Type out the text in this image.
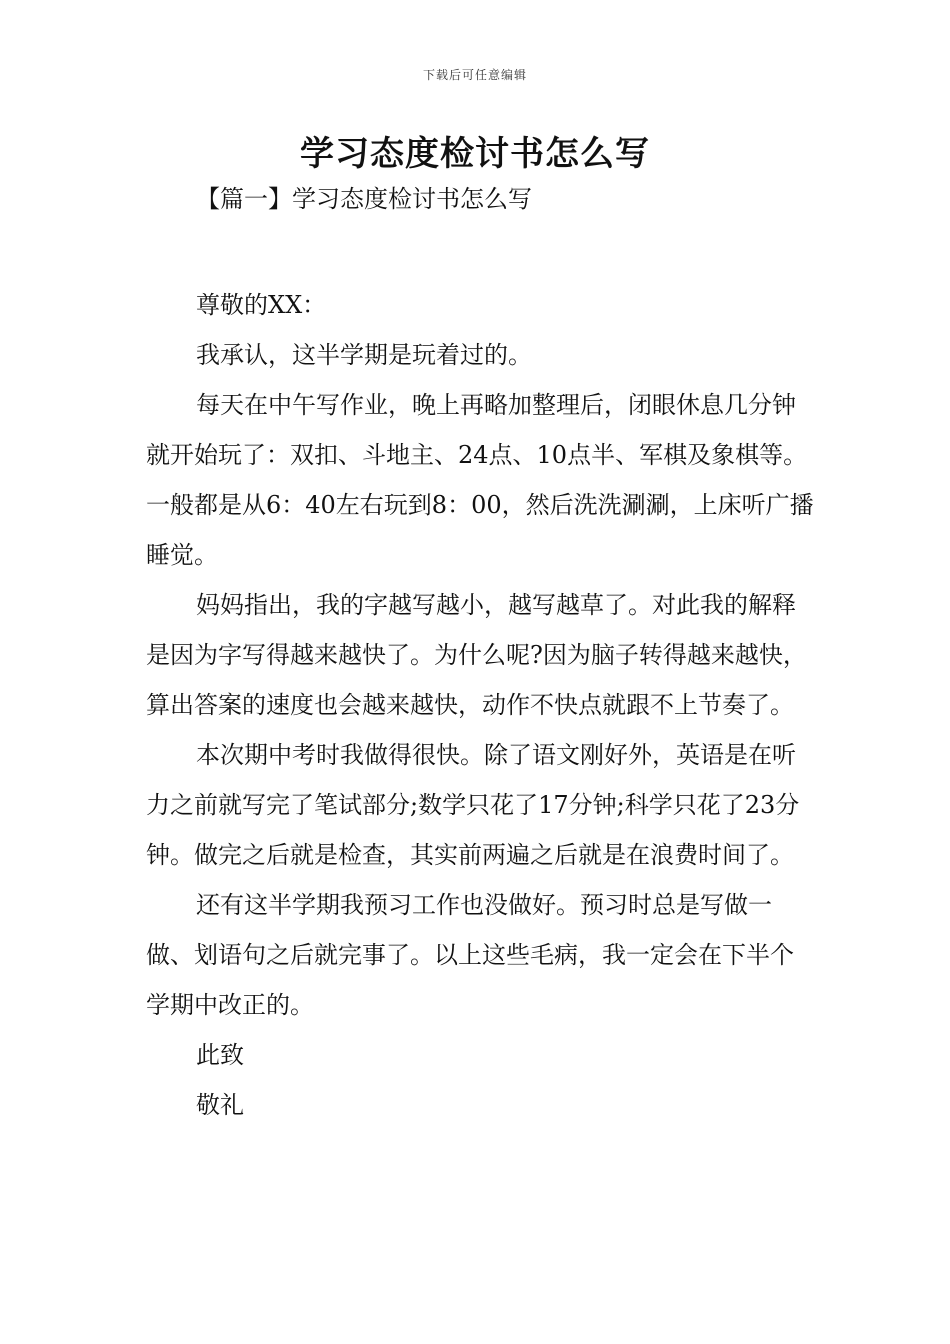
下载后可任意编辑
学习态度检讨书怎么写
【篇一】学习态度检讨书怎么写

尊敬的XX：

我承认，这半学期是玩着过的。

每天在中午写作业，晚上再略加整理后，闭眼休息几分钟就开始玩了：双扣、斗地主、24点、10点半、军棋及象棋等。一般都是从6：40左右玩到8：00，然后洗洗涮涮，上床听广播睡觉。

妈妈指出，我的字越写越小，越写越草了。对此我的解释是因为字写得越来越快了。为什么呢?因为脑子转得越来越快，算出答案的速度也会越来越快，动作不快点就跟不上节奏了。

本次期中考时我做得很快。除了语文刚好外，英语是在听力之前就写完了笔试部分;数学只花了17分钟;科学只花了23分钟。做完之后就是检查，其实前两遍之后就是在浪费时间了。

还有这半学期我预习工作也没做好。预习时总是写做一做、划语句之后就完事了。以上这些毛病，我一定会在下半个学期中改正的。

此致

敬礼
